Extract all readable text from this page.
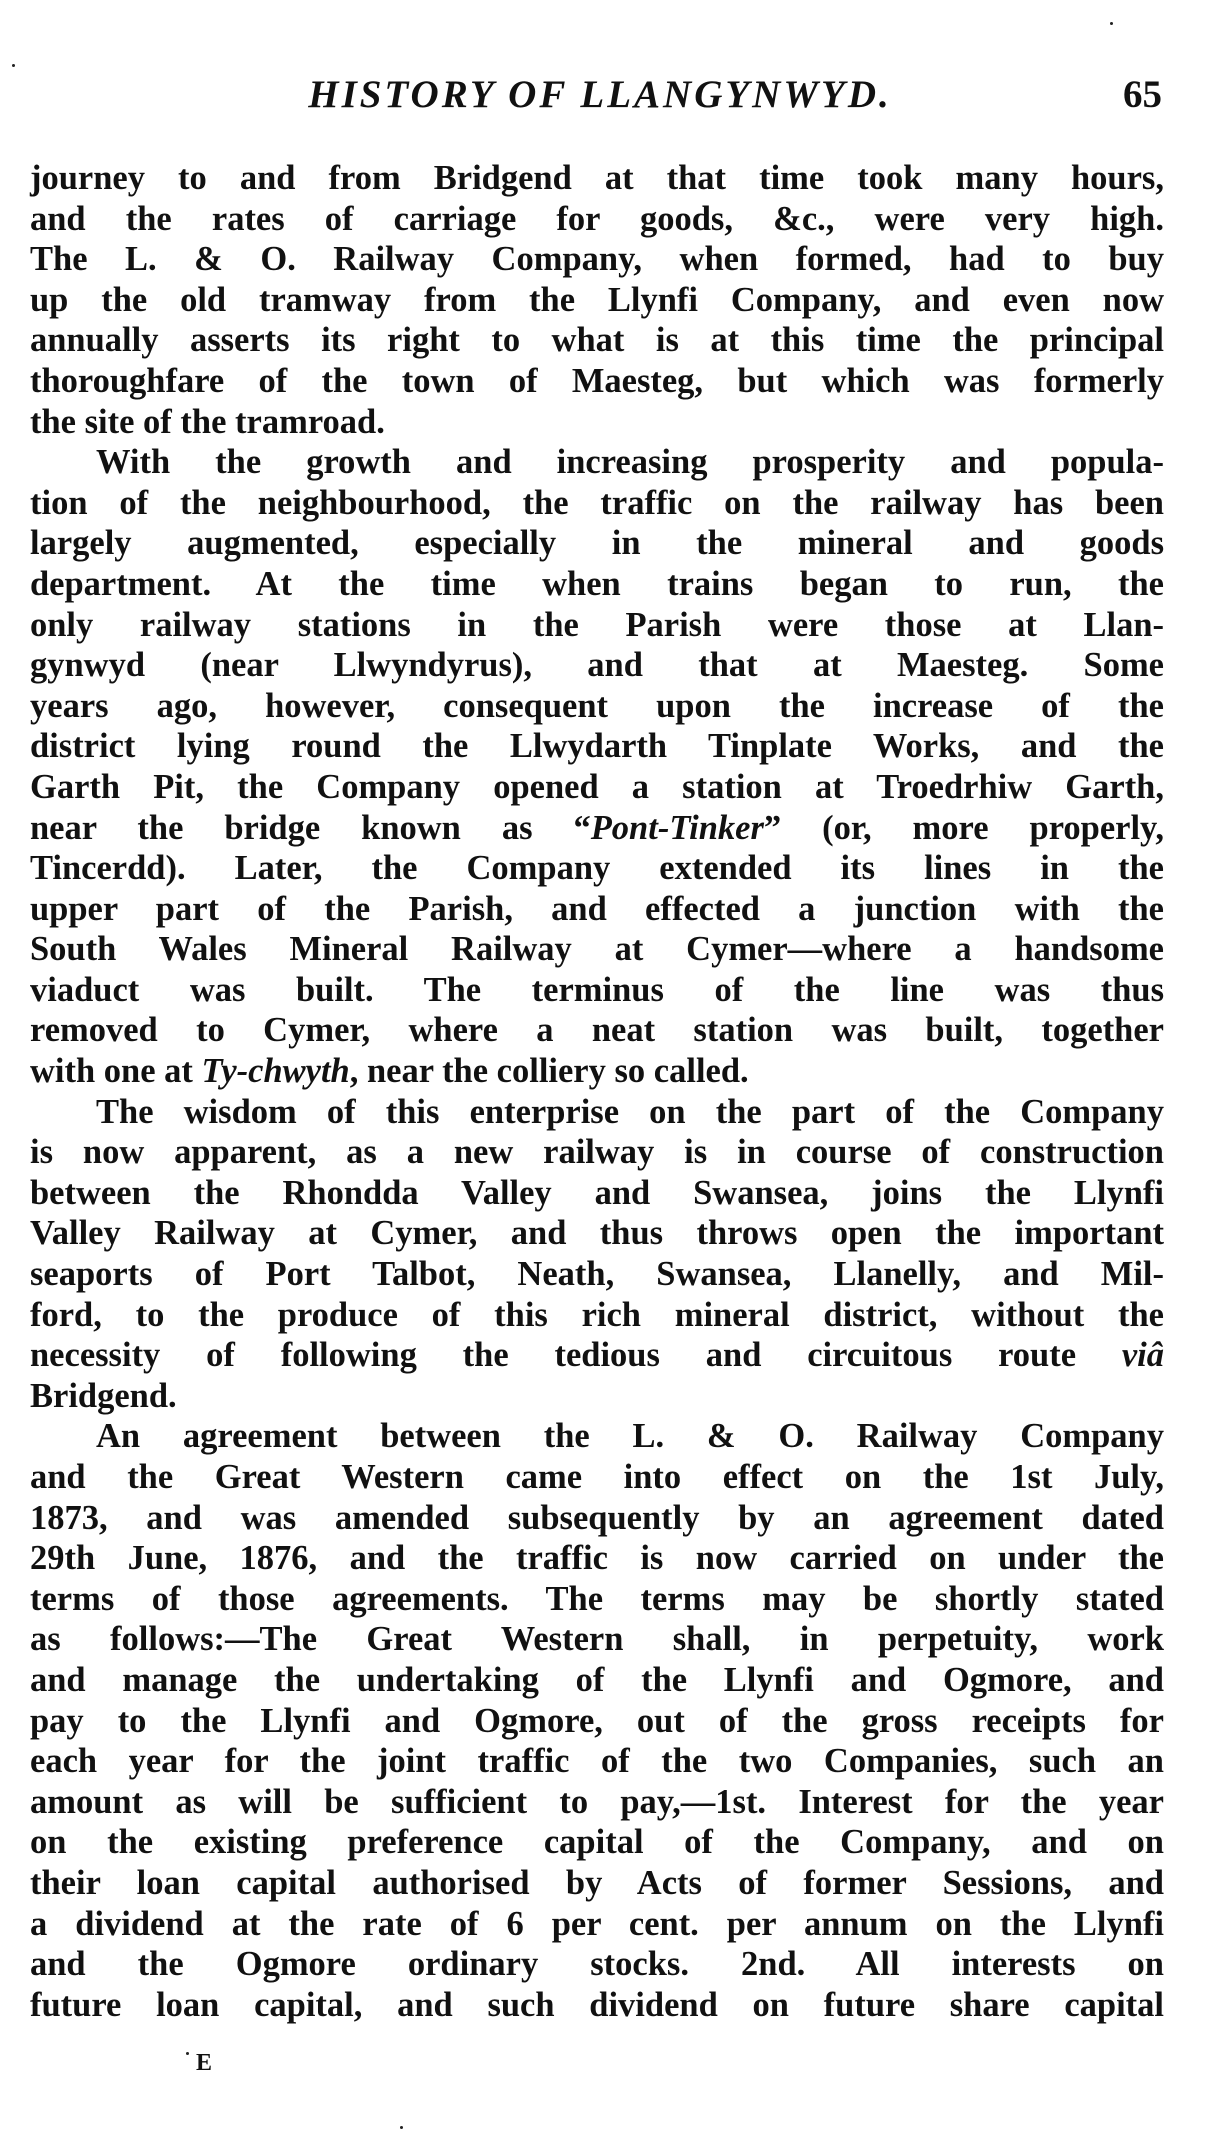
HISTORY OF LLANGYNWYD.	65
journey to and from Bridgend at that time took many hours,
and the rates of carriage for goods, &c., were very high.
The L. & O. Railway Company, when formed, had to buy
up the old tramway from the Llynfi Company, and even now
annually asserts its right to what is at this time the principal
thoroughfare of the town of Maesteg, but which was formerly
the site of the tramroad.
With the growth and increasing prosperity and popula-
tion of the neighbourhood, the traffic on the railway has been
largely augmented, especially in the mineral and goods
department. At the time when trains began to run, the
only railway stations in the Parish were those at Llan-
gynwyd (near Llwyndyrus), and that at Maesteg. Some
years ago, however, consequent upon the increase of the
district lying round the Llwydarth Tinplate Works, and the
Garth Pit, the Company opened a station at Troedrhiw Garth,
near the bridge known as “Pont-Tinker” (or, more properly,
Tincerdd). Later, the Company extended its lines in the
upper part of the Parish, and effected a junction with the
South Wales Mineral Railway at Cymer—where a handsome
viaduct was built. The terminus of the line was thus
removed to Cymer, where a neat station was built, together
with one at Ty-chwyth, near the colliery so called.
The wisdom of this enterprise on the part of the Company
is now apparent, as a new railway is in course of construction
between the Rhondda Valley and Swansea, joins the Llynfi
Valley Railway at Cymer, and thus throws open the important
seaports of Port Talbot, Neath, Swansea, Llanelly, and Mil-
ford, to the produce of this rich mineral district, without the
necessity of following the tedious and circuitous route viâ
Bridgend.
An agreement between the L. & O. Railway Company
and the Great Western came into effect on the 1st July,
1873, and was amended subsequently by an agreement dated
29th June, 1876, and the traffic is now carried on under the
terms of those agreements. The terms may be shortly stated
as follows:—The Great Western shall, in perpetuity, work
and manage the undertaking of the Llynfi and Ogmore, and
pay to the Llynfi and Ogmore, out of the gross receipts for
each year for the joint traffic of the two Companies, such an
amount as will be sufficient to pay,—1st. Interest for the year
on the existing preference capital of the Company, and on
their loan capital authorised by Acts of former Sessions, and
a dividend at the rate of 6 per cent. per annum on the Llynfi
and the Ogmore ordinary stocks. 2nd. All interests on
future loan capital, and such dividend on future share capital
E
